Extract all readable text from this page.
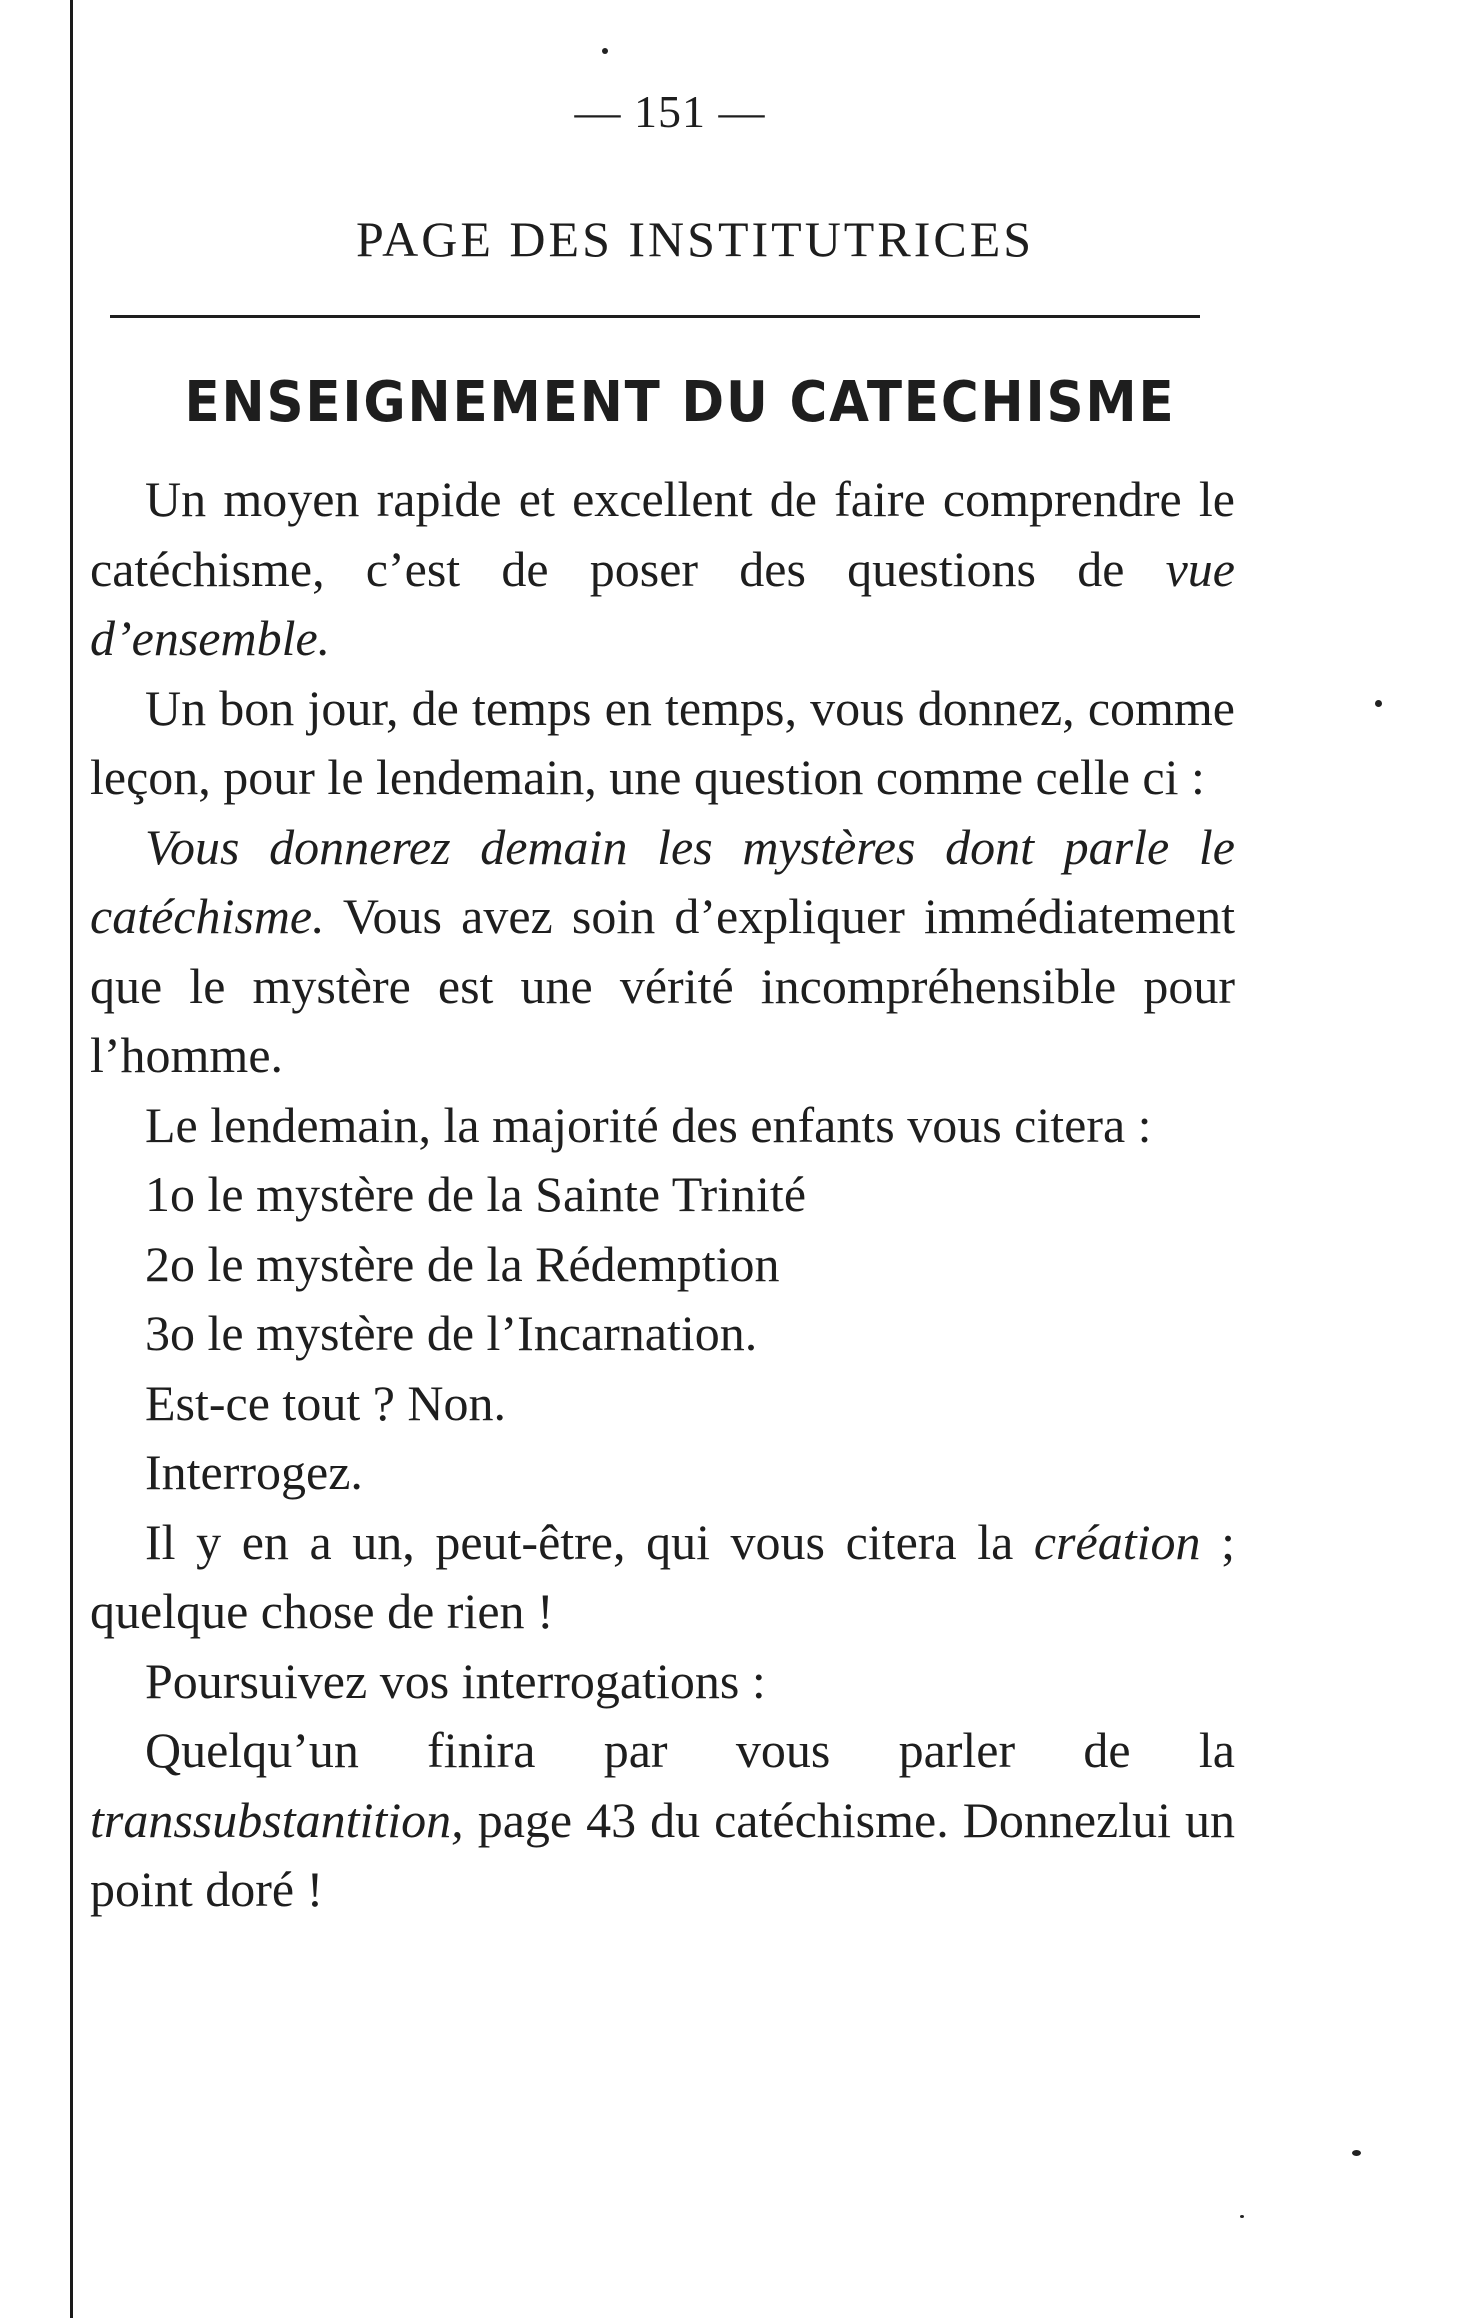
— 151 —
PAGE DES INSTITUTRICES
ENSEIGNEMENT DU CATECHISME

Un moyen rapide et excellent de faire comprendre le catéchisme, c’est de poser des questions de vue d’ensemble.

Un bon jour, de temps en temps, vous donnez, comme leçon, pour le lendemain, une question comme celle ci :

Vous donnerez demain les mystères dont parle le catéchisme. Vous avez soin d’expliquer immédiatement que le mystère est une vérité incompréhensible pour l’homme.

Le lendemain, la majorité des enfants vous citera :

1o le mystère de la Sainte Trinité

2o le mystère de la Rédemption

3o le mystère de l’Incarnation.

Est-ce tout ? Non.

Interrogez.

Il y en a un, peut-être, qui vous citera la création ; quelque chose de rien !

Poursuivez vos interrogations :

Quelqu’un finira par vous parler de la transsubstantition, page 43 du catéchisme. Donnezlui un point doré !
